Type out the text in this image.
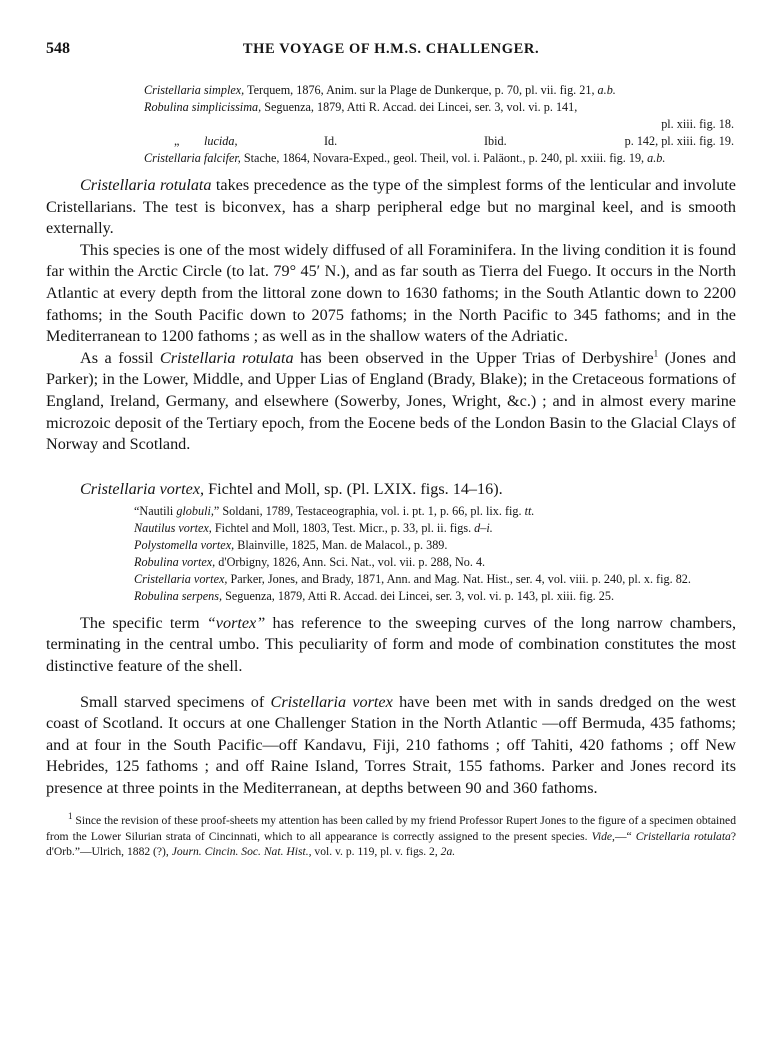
548	THE VOYAGE OF H.M.S. CHALLENGER.

Cristellaria simplex, Terquem, 1876, Anim. sur la Plage de Dunkerque, p. 70, pl. vii. fig. 21, a.b.

Robulina simplicissima, Seguenza, 1879, Atti R. Accad. dei Lincei, ser. 3, vol. vi. p. 141,

pl. xiii. fig. 18.

„	lucida,	Id.	Ibid.	p. 142, pl. xiii. fig. 19.

Cristellaria falcifer, Stache, 1864, Novara-Exped., geol. Theil, vol. i. Paläont., p. 240, pl. xxiii. fig. 19, a.b.

Cristellaria rotulata takes precedence as the type of the simplest forms of the lenticular and involute Cristellarians. The test is biconvex, has a sharp peripheral edge but no marginal keel, and is smooth externally.

This species is one of the most widely diffused of all Foraminifera. In the living condition it is found far within the Arctic Circle (to lat. 79° 45′ N.), and as far south as Tierra del Fuego. It occurs in the North Atlantic at every depth from the littoral zone down to 1630 fathoms; in the South Atlantic down to 2200 fathoms; in the South Pacific down to 2075 fathoms; in the North Pacific to 345 fathoms; and in the Mediterranean to 1200 fathoms ; as well as in the shallow waters of the Adriatic.

As a fossil Cristellaria rotulata has been observed in the Upper Trias of Derbyshire$^1$ (Jones and Parker); in the Lower, Middle, and Upper Lias of England (Brady, Blake); in the Cretaceous formations of England, Ireland, Germany, and elsewhere (Sowerby, Jones, Wright, &c.) ; and in almost every marine microzoic deposit of the Tertiary epoch, from the Eocene beds of the London Basin to the Glacial Clays of Norway and Scotland.

Cristellaria vortex, Fichtel and Moll, sp. (Pl. LXIX. figs. 14–16).

“Nautili globuli,” Soldani, 1789, Testaceographia, vol. i. pt. 1, p. 66, pl. lix. fig. tt.

Nautilus vortex, Fichtel and Moll, 1803, Test. Micr., p. 33, pl. ii. figs. d–i.

Polystomella vortex, Blainville, 1825, Man. de Malacol., p. 389.

Robulina vortex, d'Orbigny, 1826, Ann. Sci. Nat., vol. vii. p. 288, No. 4.

Cristellaria vortex, Parker, Jones, and Brady, 1871, Ann. and Mag. Nat. Hist., ser. 4, vol. viii. p. 240, pl. x. fig. 82.

Robulina serpens, Seguenza, 1879, Atti R. Accad. dei Lincei, ser. 3, vol. vi. p. 143, pl. xiii. fig. 25.

The specific term “vortex” has reference to the sweeping curves of the long narrow chambers, terminating in the central umbo. This peculiarity of form and mode of combination constitutes the most distinctive feature of the shell.

Small starved specimens of Cristellaria vortex have been met with in sands dredged on the west coast of Scotland. It occurs at one Challenger Station in the North Atlantic —off Bermuda, 435 fathoms; and at four in the South Pacific—off Kandavu, Fiji, 210 fathoms ; off Tahiti, 420 fathoms ; off New Hebrides, 125 fathoms ; and off Raine Island, Torres Strait, 155 fathoms. Parker and Jones record its presence at three points in the Mediterranean, at depths between 90 and 360 fathoms.

$^1$ Since the revision of these proof-sheets my attention has been called by my friend Professor Rupert Jones to the figure of a specimen obtained from the Lower Silurian strata of Cincinnati, which to all appearance is correctly assigned to the present species. Vide,—“ Cristellaria rotulata? d'Orb.”—Ulrich, 1882 (?), Journ. Cincin. Soc. Nat. Hist., vol. v. p. 119, pl. v. figs. 2, 2a.
